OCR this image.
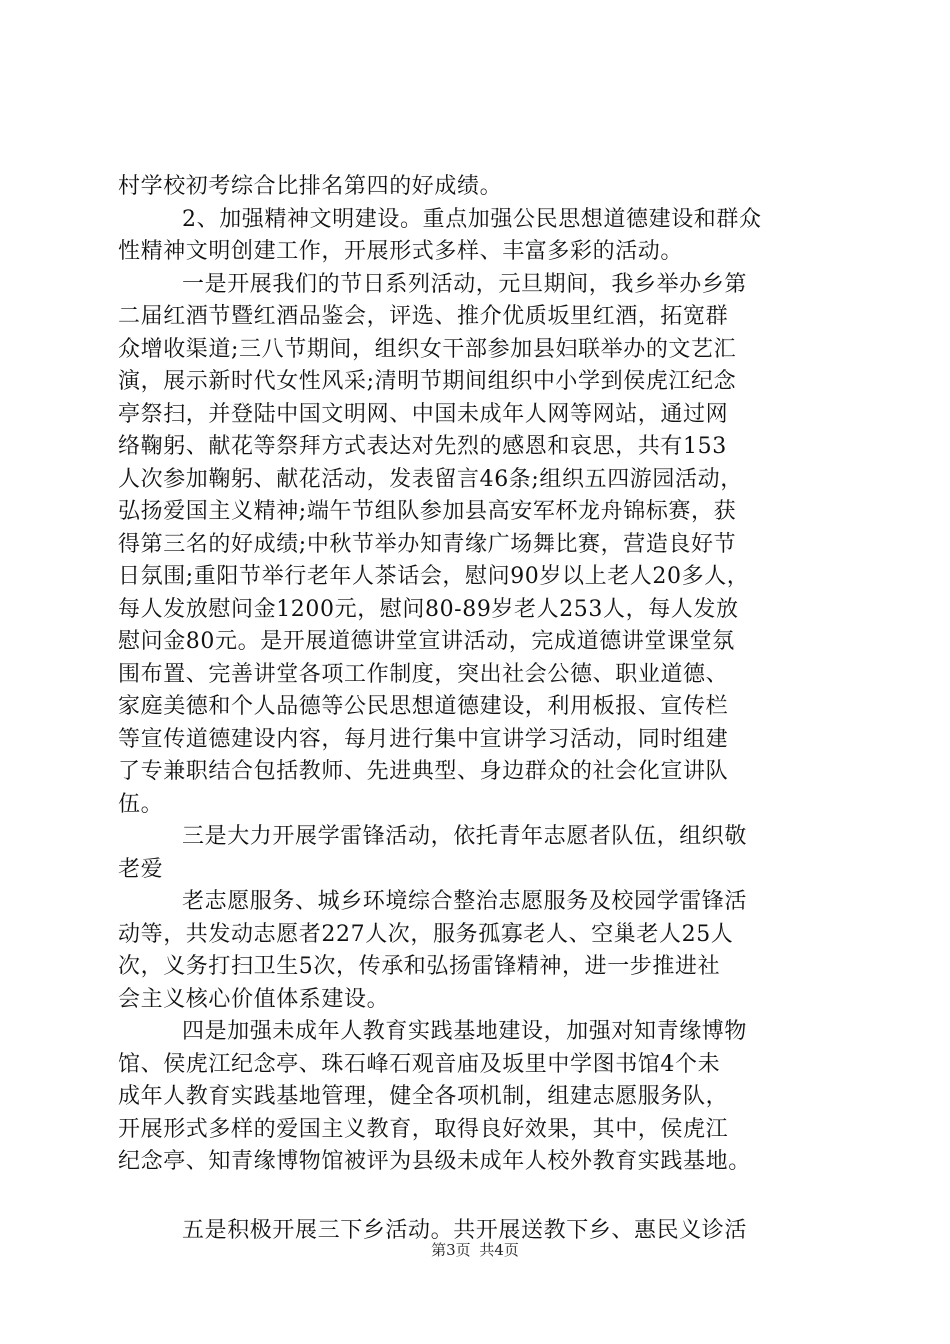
村学校初考综合比排名第四的好成绩。
2、加强精神文明建设。重点加强公民思想道德建设和群众
性精神文明创建工作，开展形式多样、丰富多彩的活动。
一是开展我们的节日系列活动，元旦期间，我乡举办乡第
二届红酒节暨红酒品鉴会，评选、推介优质坂里红酒，拓宽群
众增收渠道;三八节期间，组织女干部参加县妇联举办的文艺汇
演，展示新时代女性风采;清明节期间组织中小学到侯虎江纪念
亭祭扫，并登陆中国文明网、中国未成年人网等网站，通过网
络鞠躬、献花等祭拜方式表达对先烈的感恩和哀思，共有153
人次参加鞠躬、献花活动，发表留言46条;组织五四游园活动，
弘扬爱国主义精神;端午节组队参加县高安军杯龙舟锦标赛，获
得第三名的好成绩;中秋节举办知青缘广场舞比赛，营造良好节
日氛围;重阳节举行老年人茶话会，慰问90岁以上老人20多人，
每人发放慰问金1200元，慰问80-89岁老人253人，每人发放
慰问金80元。是开展道德讲堂宣讲活动，完成道德讲堂课堂氛
围布置、完善讲堂各项工作制度，突出社会公德、职业道德、
家庭美德和个人品德等公民思想道德建设，利用板报、宣传栏
等宣传道德建设内容，每月进行集中宣讲学习活动，同时组建
了专兼职结合包括教师、先进典型、身边群众的社会化宣讲队
伍。
三是大力开展学雷锋活动，依托青年志愿者队伍，组织敬
老爱
老志愿服务、城乡环境综合整治志愿服务及校园学雷锋活
动等，共发动志愿者227人次，服务孤寡老人、空巢老人25人
次，义务打扫卫生5次，传承和弘扬雷锋精神，进一步推进社
会主义核心价值体系建设。
四是加强未成年人教育实践基地建设，加强对知青缘博物
馆、侯虎江纪念亭、珠石峰石观音庙及坂里中学图书馆4个未
成年人教育实践基地管理，健全各项机制，组建志愿服务队，
开展形式多样的爱国主义教育，取得良好效果，其中，侯虎江
纪念亭、知青缘博物馆被评为县级未成年人校外教育实践基地。
五是积极开展三下乡活动。共开展送教下乡、惠民义诊活
第3页 共4页
